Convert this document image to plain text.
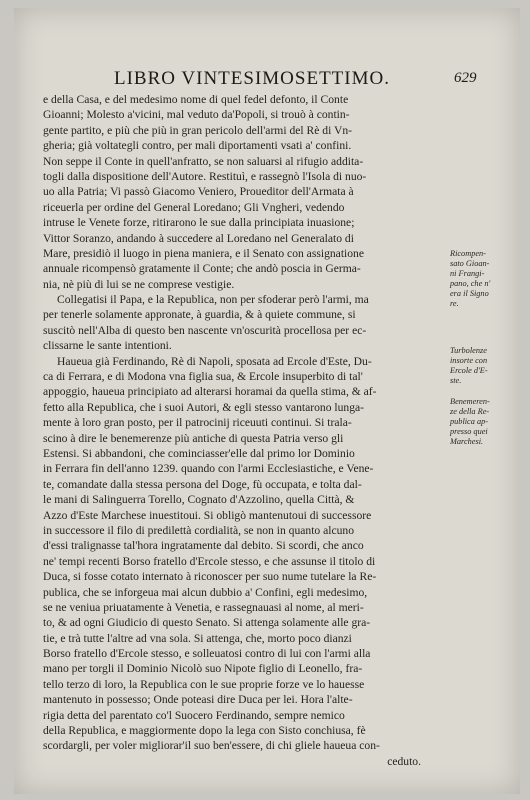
LIBRO VINTESIMOSETTIMO.	629
e della Casa, e del medesimo nome di quel fedel defonto, il Conte
Gioanni; Molesto a'vicini, mal veduto da'Popoli, si trouò à contin-
gente partito, e più che più in gran pericolo dell'armi del Rè di Vn-
gheria; già voltategli contro, per mali diportamenti vsati a' confini.
Non seppe il Conte in quell'anfratto, se non saluarsi al rifugio addita-
togli dalla dispositione dell'Autore. Restituì, e rassegnò l'Isola di nuo-
uo alla Patria; Vi passò Giacomo Veniero, Proueditor dell'Armata à
riceuerla per ordine del General Loredano; Gli Vngheri, vedendo
intruse le Venete forze, ritirarono le sue dalla principiata inuasione;
Vittor Soranzo, andando à succedere al Loredano nel Generalato di
Mare, presidiò il luogo in piena maniera, e il Senato con assignatione
annuale ricompensò gratamente il Conte; che andò poscia in Germa-
nia, nè più di lui se ne comprese vestigie.
Collegatisi il Papa, e la Republica, non per sfoderar però l'armi, ma
per tenerle solamente appronate, à guardia, & à quiete commune, si
suscitò nell'Alba di questo ben nascente vn'oscurità procellosa per ec-
clissarne le sante intentioni.
Haueua già Ferdinando, Rè di Napoli, sposata ad Ercole d'Este, Du-
ca di Ferrara, e di Modona vna figlia sua, & Ercole insuperbito di tal'
appoggio, haueua principiato ad alterarsi horamai da quella stima, & af-
fetto alla Republica, che i suoi Autori, & egli stesso vantarono lunga-
mente à loro gran posto, per il patrocinij riceuuti continui. Si trala-
scino à dire le benemerenze più antiche di questa Patria verso gli
Estensi. Si abbandoni, che cominciasser'elle dal primo lor Dominio
in Ferrara fin dell'anno 1239. quando con l'armi Ecclesiastiche, e Vene-
te, comandate dalla stessa persona del Doge, fù occupata, e tolta dal-
le mani di Salinguerra Torello, Cognato d'Azzolino, quella Città, &
Azzo d'Este Marchese inuestitoui. Si obligò mantenutoui di successore
in successore il filo di predilettà cordialità, se non in quanto alcuno
d'essi tralignasse tal'hora ingratamente dal debito. Si scordi, che anco
ne' tempi recenti Borso fratello d'Ercole stesso, e che assunse il titolo di
Duca, si fosse cotato internato à riconoscer per suo nume tutelare la Re-
publica, che se inforgeua mai alcun dubbio a' Confini, egli medesimo,
se ne veniua priuatamente à Venetia, e rassegnauasi al nome, al meri-
to, & ad ogni Giudicio di questo Senato. Si attenga solamente alle gra-
tie, e trà tutte l'altre ad vna sola. Si attenga, che, morto poco dianzi
Borso fratello d'Ercole stesso, e solleuatosi contro di lui con l'armi alla
mano per torgli il Dominio Nicolò suo Nipote figlio di Leonello, fra-
tello terzo di loro, la Republica con le sue proprie forze ve lo hauesse
mantenuto in possesso; Onde poteasi dire Duca per lei. Hora l'alte-
rigia detta del parentato co'l Suocero Ferdinando, sempre nemico
della Republica, e maggiormente dopo la lega con Sisto conchiusa, fè
scordargli, per voler migliorar'il suo ben'essere, di chi gliele haueua con-
ceduto.
Ricompen-
sato Gioan-
ni Frangi-
pano, che n'
era il Signo
re.
Turbolenze
insorte con
Ercole d'E-
ste.
Benemeren-
ze della Re-
publica ap-
presso quei
Marchesi.
